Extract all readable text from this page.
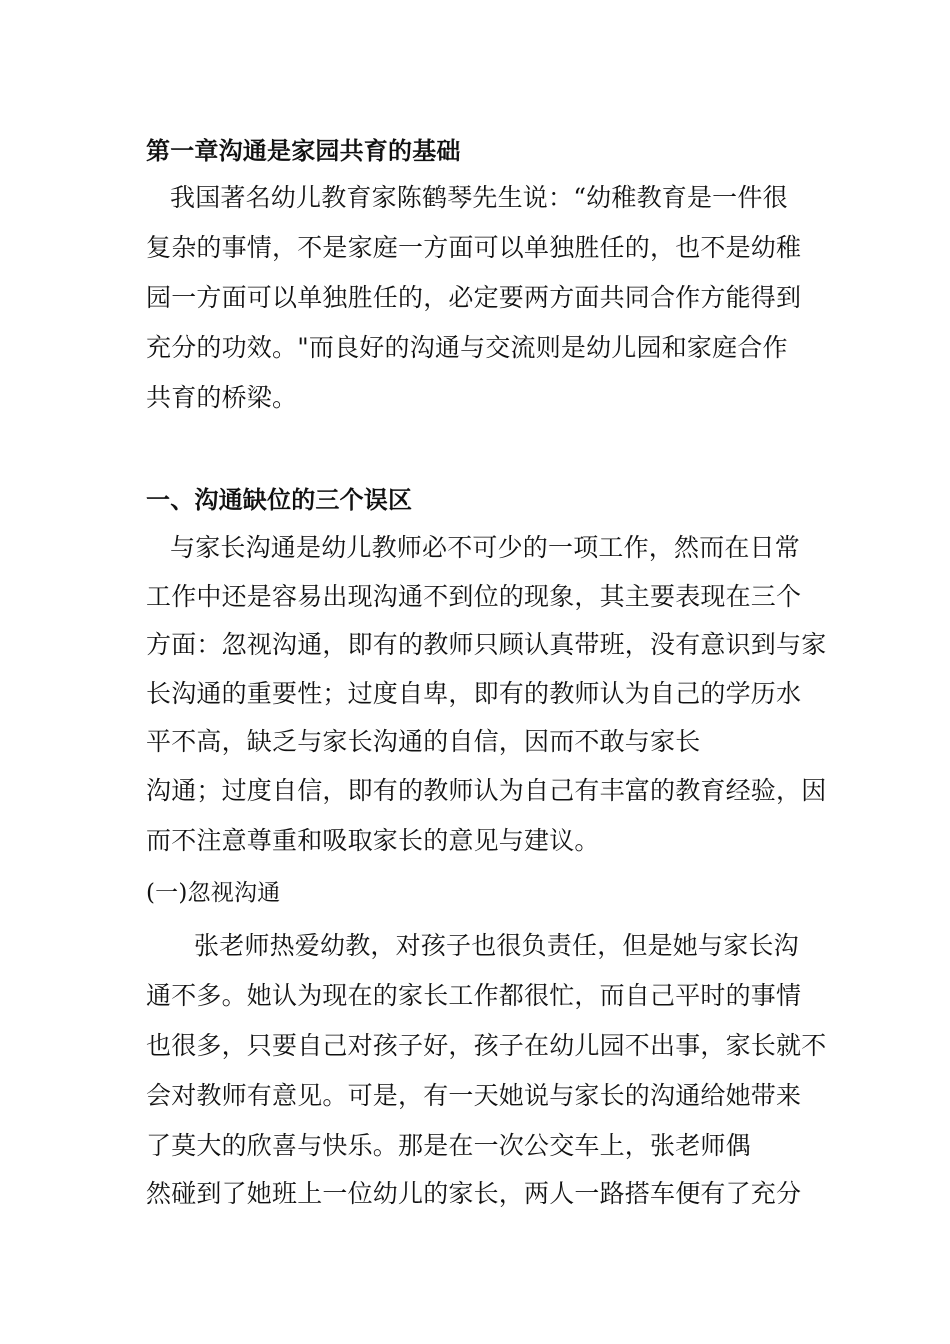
第一章沟通是家园共育的基础
我国著名幼儿教育家陈鹤琴先生说：“幼稚教育是一件很
复杂的事情，不是家庭一方面可以单独胜任的，也不是幼稚
园一方面可以单独胜任的，必定要两方面共同合作方能得到
充分的功效。"而良好的沟通与交流则是幼儿园和家庭合作
共育的桥梁。
一、沟通缺位的三个误区
与家长沟通是幼儿教师必不可少的一项工作，然而在日常
工作中还是容易出现沟通不到位的现象，其主要表现在三个
方面：忽视沟通，即有的教师只顾认真带班，没有意识到与家
长沟通的重要性；过度自卑，即有的教师认为自己的学历水
平不高，缺乏与家长沟通的自信，因而不敢与家长
沟通；过度自信，即有的教师认为自己有丰富的教育经验，因
而不注意尊重和吸取家长的意见与建议。
(一)忽视沟通
张老师热爱幼教，对孩子也很负责任，但是她与家长沟
通不多。她认为现在的家长工作都很忙，而自己平时的事情
也很多，只要自己对孩子好，孩子在幼儿园不出事，家长就不
会对教师有意见。可是，有一天她说与家长的沟通给她带来
了莫大的欣喜与快乐。那是在一次公交车上，张老师偶
然碰到了她班上一位幼儿的家长，两人一路搭车便有了充分
